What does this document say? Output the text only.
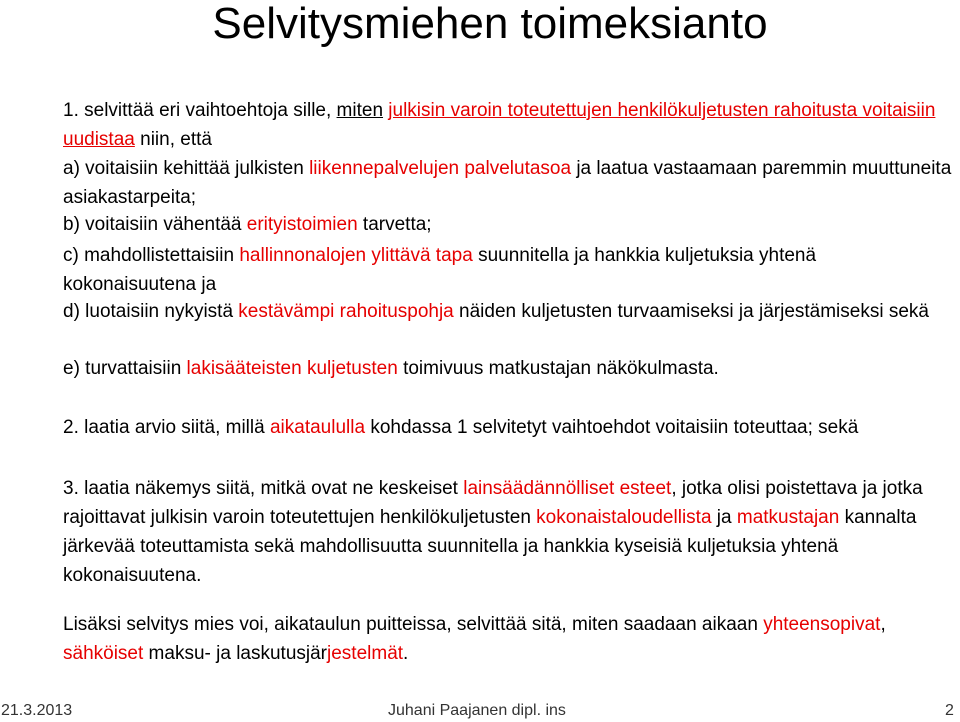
Selvitysmiehen toimeksianto

1. selvittää eri vaihtoehtoja sille, miten julkisin varoin toteutettujen henkilökuljetusten rahoitusta voitaisiin uudistaa niin, että

a) voitaisiin kehittää julkisten liikennepalvelujen palvelutasoa ja laatua vastaamaan paremmin muuttuneita asiakastarpeita;

b) voitaisiin vähentää erityistoimien tarvetta;

c) mahdollistettaisiin hallinnonalojen ylittävä tapa suunnitella ja hankkia kuljetuksia yhtenä kokonaisuutena ja

d) luotaisiin nykyistä kestävämpi rahoituspohja näiden kuljetusten turvaamiseksi ja järjestämiseksi sekä

e) turvattaisiin lakisääteisten kuljetusten toimivuus matkustajan näkökulmasta.

2. laatia arvio siitä, millä aikataululla kohdassa 1 selvitetyt vaihtoehdot voitaisiin toteuttaa; sekä

3. laatia näkemys siitä, mitkä ovat ne keskeiset lainsäädännölliset esteet, jotka olisi poistettava ja jotka rajoittavat julkisin varoin toteutettujen henkilökuljetusten kokonaistaloudellista ja matkustajan kannalta järkevää toteuttamista sekä mahdollisuutta suunnitella ja hankkia kyseisiä kuljetuksia yhtenä kokonaisuutena.

Lisäksi selvitys mies voi, aikataulun puitteissa, selvittää sitä, miten saadaan aikaan yhteensopivat, sähköiset maksu- ja laskutusjärjestelmät.

21.3.2013	Juhani Paajanen dipl. ins	2
